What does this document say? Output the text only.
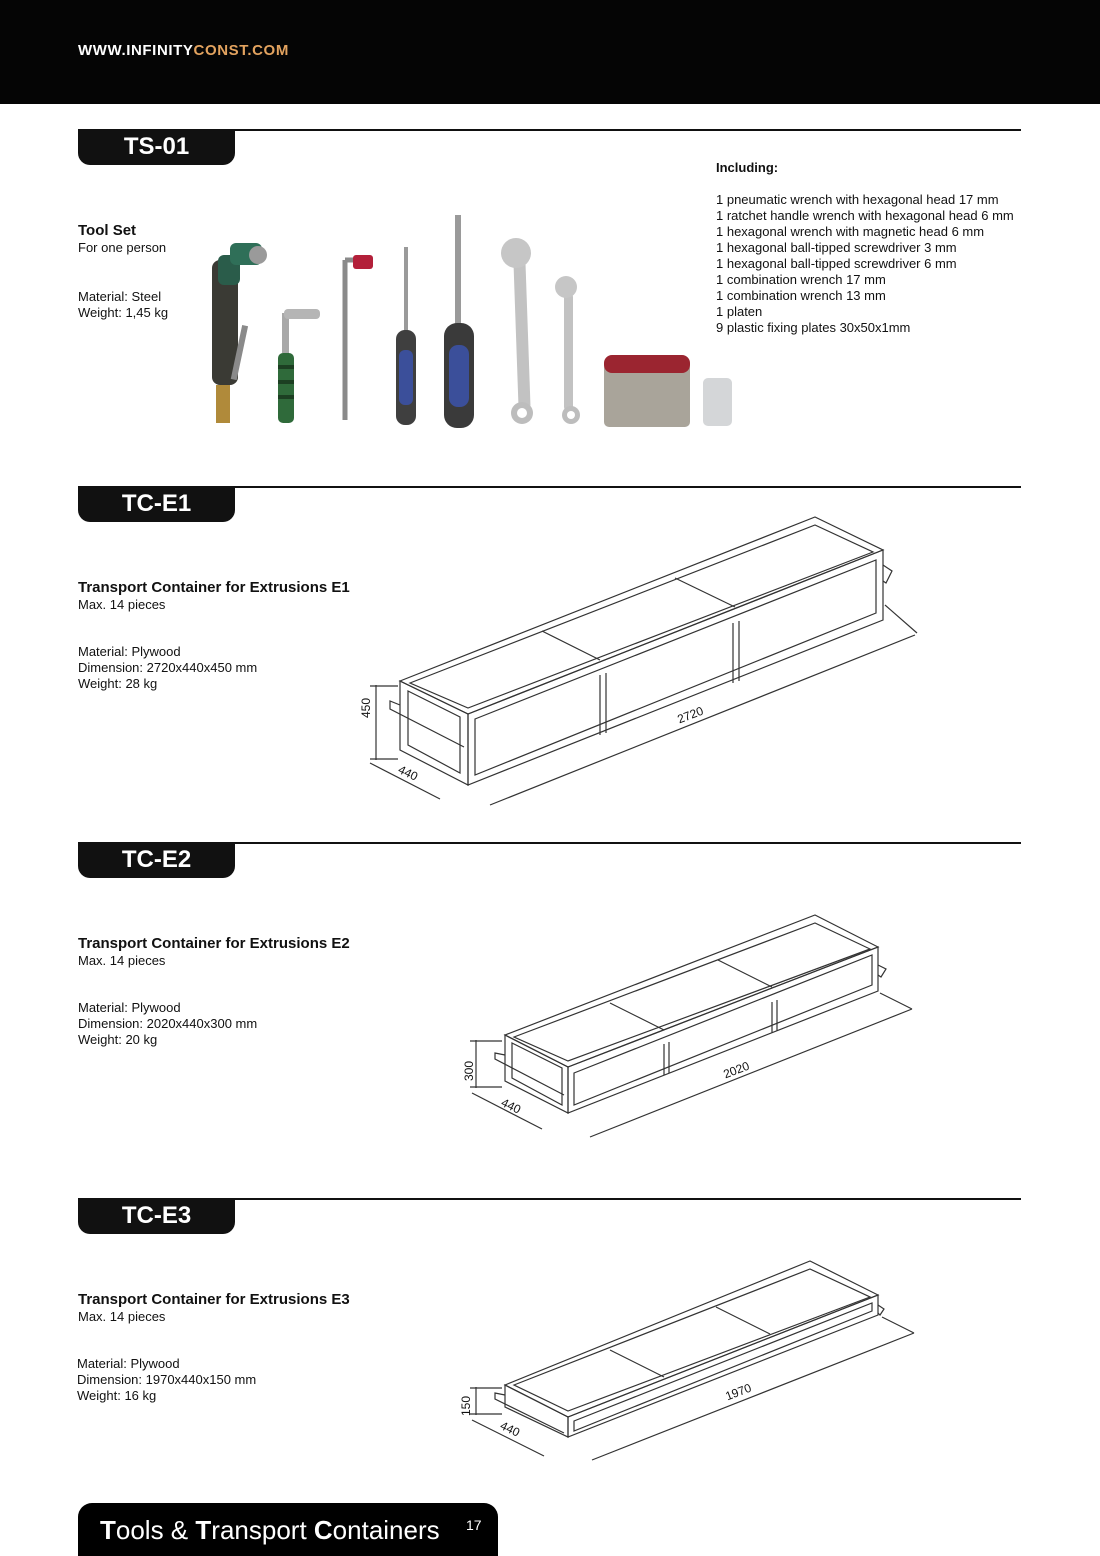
WWW.INFINITYCONST.COM
TS-01
Tool Set
For one person
Material: Steel
Weight: 1,45 kg
Including:
1 pneumatic wrench with hexagonal head 17 mm
1 ratchet handle wrench with hexagonal head 6 mm
1 hexagonal wrench with magnetic head 6 mm
1 hexagonal ball-tipped screwdriver 3 mm
1 hexagonal ball-tipped screwdriver 6 mm
1 combination wrench 17 mm
1 combination wrench 13 mm
1 platen
9 plastic fixing plates 30x50x1mm
TC-E1
Transport Container for Extrusions E1
Max. 14 pieces
Material: Plywood
Dimension: 2720x440x450 mm
Weight: 28 kg
450
440
2720
TC-E2
Transport Container for Extrusions E2
Max. 14 pieces
Material: Plywood
Dimension: 2020x440x300 mm
Weight: 20 kg
300
440
2020
TC-E3
Transport Container for Extrusions E3
Max. 14 pieces
Material: Plywood
Dimension: 1970x440x150 mm
Weight: 16 kg
150
440
1970
Tools & Transport Containers 17
